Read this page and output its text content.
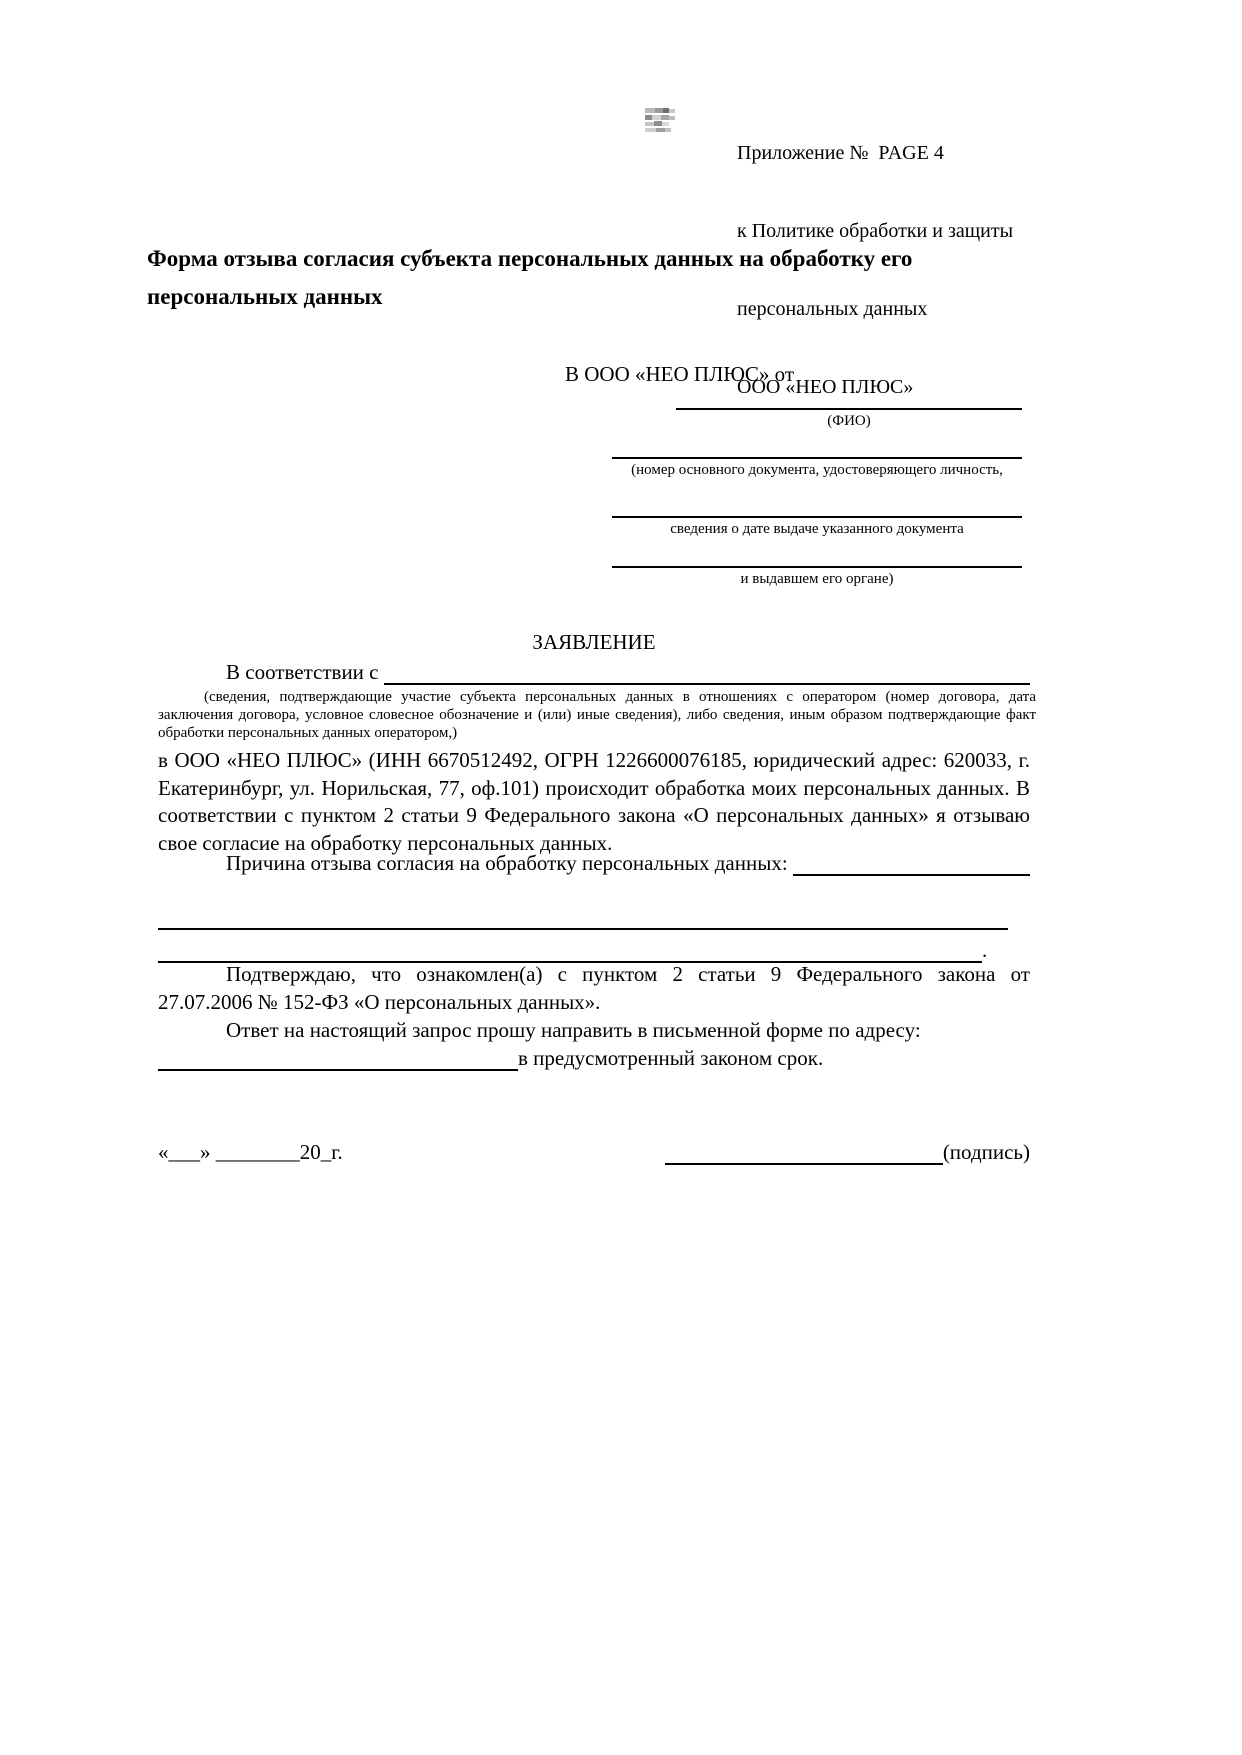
Приложение №  PAGE 4

к Политике обработки и защиты

персональных данных

ООО «НЕО ПЛЮС»

Форма отзыва согласия субъекта персональных данных на обработку его персональных данных
В ООО «НЕО ПЛЮС» от
(ФИО)
(номер основного документа, удостоверяющего личность,
сведения о дате выдаче указанного документа
и выдавшем его органе)
ЗАЯВЛЕНИЕ
В соответствии с
(сведения, подтверждающие участие субъекта персональных данных в отношениях с оператором (номер договора, дата заключения договора, условное словесное обозначение и (или) иные сведения), либо сведения, иным образом подтверждающие факт обработки персональных данных оператором,)
в ООО «НЕО ПЛЮС» (ИНН 6670512492, ОГРН 1226600076185, юридический адрес: 620033, г. Екатеринбург, ул. Норильская, 77, оф.101) происходит обработка моих персональных данных. В соответствии с пунктом 2 статьи 9 Федерального закона «О персональных данных» я отзываю свое согласие на обработку персональных данных.
Причина отзыва согласия на обработку персональных данных:
.
Подтверждаю, что ознакомлен(а) с пунктом 2 статьи 9 Федерального закона от 27.07.2006 № 152-ФЗ «О персональных данных».
Ответ на настоящий запрос прошу направить в письменной форме по адресу:
в предусмотренный законом срок.
«___» ________20_г.	(подпись)
